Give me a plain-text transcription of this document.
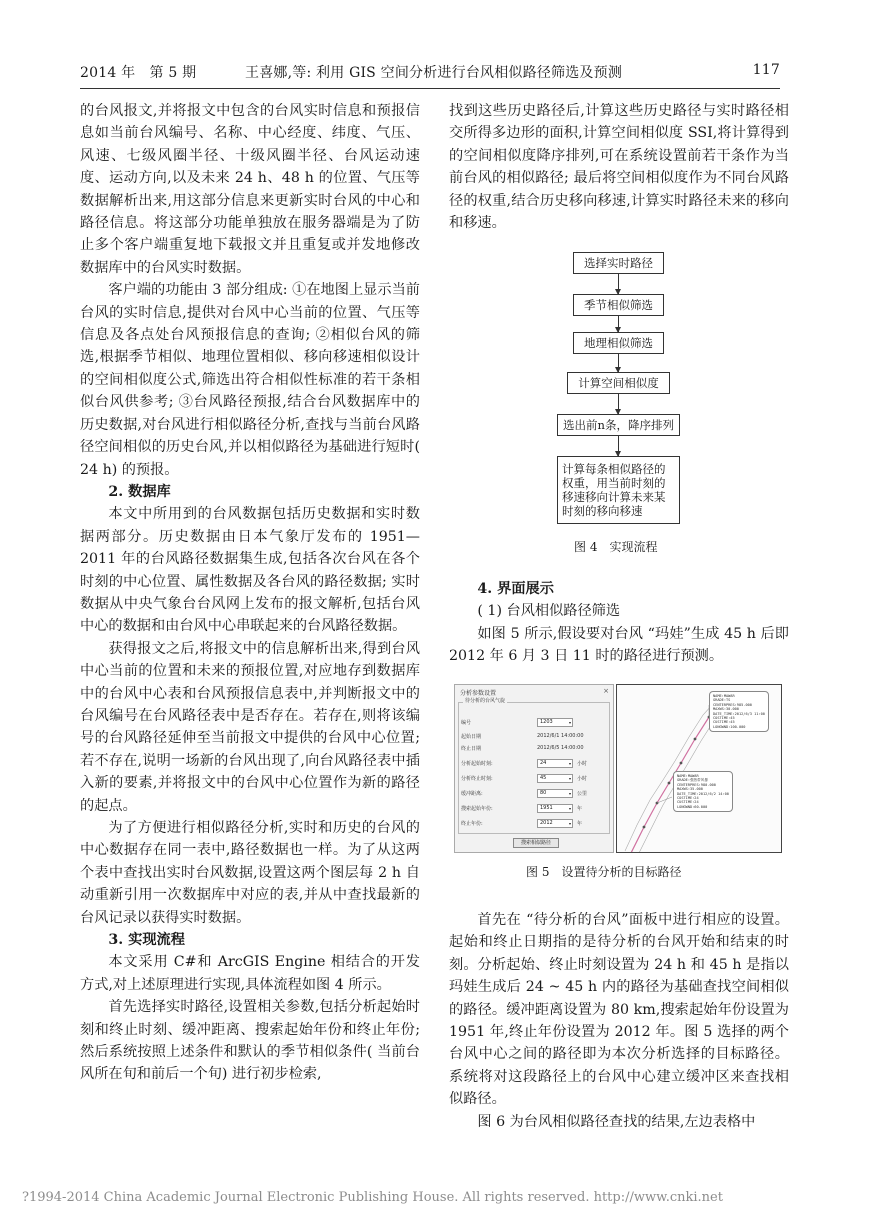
2014 年　第 5 期	王喜娜,等: 利用 GIS 空间分析进行台风相似路径筛选及预测	117
的台风报文,并将报文中包含的台风实时信息和预报信息如当前台风编号、名称、中心经度、纬度、气压、风速、七级风圈半径、十级风圈半径、台风运动速度、运动方向,以及未来 24 h、48 h 的位置、气压等数据解析出来,用这部分信息来更新实时台风的中心和路径信息。将这部分功能单独放在服务器端是为了防止多个客户端重复地下载报文并且重复或并发地修改数据库中的台风实时数据。
客户端的功能由 3 部分组成: ①在地图上显示当前台风的实时信息,提供对台风中心当前的位置、气压等信息及各点处台风预报信息的查询; ②相似台风的筛选,根据季节相似、地理位置相似、移向移速相似设计的空间相似度公式,筛选出符合相似性标准的若干条相似台风供参考; ③台风路径预报,结合台风数据库中的历史数据,对台风进行相似路径分析,查找与当前台风路径空间相似的历史台风,并以相似路径为基础进行短时( 24 h) 的预报。
2. 数据库
本文中所用到的台风数据包括历史数据和实时数据两部分。历史数据由日本气象厅发布的 1951—2011 年的台风路径数据集生成,包括各次台风在各个时刻的中心位置、属性数据及各台风的路径数据; 实时数据从中央气象台台风网上发布的报文解析,包括台风中心的数据和由台风中心串联起来的台风路径数据。
获得报文之后,将报文中的信息解析出来,得到台风中心当前的位置和未来的预报位置,对应地存到数据库中的台风中心表和台风预报信息表中,并判断报文中的台风编号在台风路径表中是否存在。若存在,则将该编号的台风路径延伸至当前报文中提供的台风中心位置; 若不存在,说明一场新的台风出现了,向台风路径表中插入新的要素,并将报文中的台风中心位置作为新的路径的起点。
为了方便进行相似路径分析,实时和历史的台风的中心数据存在同一表中,路径数据也一样。为了从这两个表中查找出实时台风数据,设置这两个图层每 2 h 自动重新引用一次数据库中对应的表,并从中查找最新的台风记录以获得实时数据。
3. 实现流程
本文采用 C#和 ArcGIS Engine 相结合的开发方式,对上述原理进行实现,具体流程如图 4 所示。
首先选择实时路径,设置相关参数,包括分析起始时刻和终止时刻、缓冲距离、搜索起始年份和终止年份; 然后系统按照上述条件和默认的季节相似条件( 当前台风所在旬和前后一个旬) 进行初步检索,
找到这些历史路径后,计算这些历史路径与实时路径相交所得多边形的面积,计算空间相似度 SSI,将计算得到的空间相似度降序排列,可在系统设置前若干条作为当前台风的相似路径; 最后将空间相似度作为不同台风路径的权重,结合历史移向移速,计算实时路径未来的移向和移速。
选择实时路径
季节相似筛选
地理相似筛选
计算空间相似度
选出前n条，降序排列
计算每条相似路径的权重，用当前时刻的移速移向计算未来某时刻的移向移速
图 4　实现流程
4. 界面展示
( 1) 台风相似路径筛选
如图 5 所示,假设要对台风 “玛娃”生成 45 h 后即 2012 年 6 月 3 日 11 时的路径进行预测。
分析参数设置	×
待分析的台风气旋
编号	1203	▾
起始日期	2012/6/1 14:00:00
终止日期	2012/6/5 14:00:00
分析起始时刻:	24	▾ 小时
分析终止时刻:	45	▾ 小时
缓冲距离:	80	▾ 公里
搜索起始年份:	1951	▾ 年
终止年份:	2012	▾ 年
搜索相似路径
NAME:MAWAR
GRADE:TS
CENTERPRES:985.000
MAXWS:30.000
DATE_TIME:2012/6/3 11:00
COSTIME:45
CUSTIME:45
LONGWND:100.000
NAME:MAWAR
GRADE:强热带风暴
CENTERPRES:980.000
MAXWS:35.000
DATE_TIME:2012/6/2 14:00
COSTIME:24
CUSTIME:24
LONGWND:60.000
图 5　设置待分析的目标路径
首先在 “待分析的台风”面板中进行相应的设置。起始和终止日期指的是待分析的台风开始和结束的时刻。分析起始、终止时刻设置为 24 h 和 45 h 是指以玛娃生成后 24 ~ 45 h 内的路径为基础查找空间相似的路径。缓冲距离设置为 80 km,搜索起始年份设置为 1951 年,终止年份设置为 2012 年。图 5 选择的两个台风中心之间的路径即为本次分析选择的目标路径。系统将对这段路径上的台风中心建立缓冲区来查找相似路径。
图 6 为台风相似路径查找的结果,左边表格中
?1994-2014 China Academic Journal Electronic Publishing House. All rights reserved. http://www.cnki.net
